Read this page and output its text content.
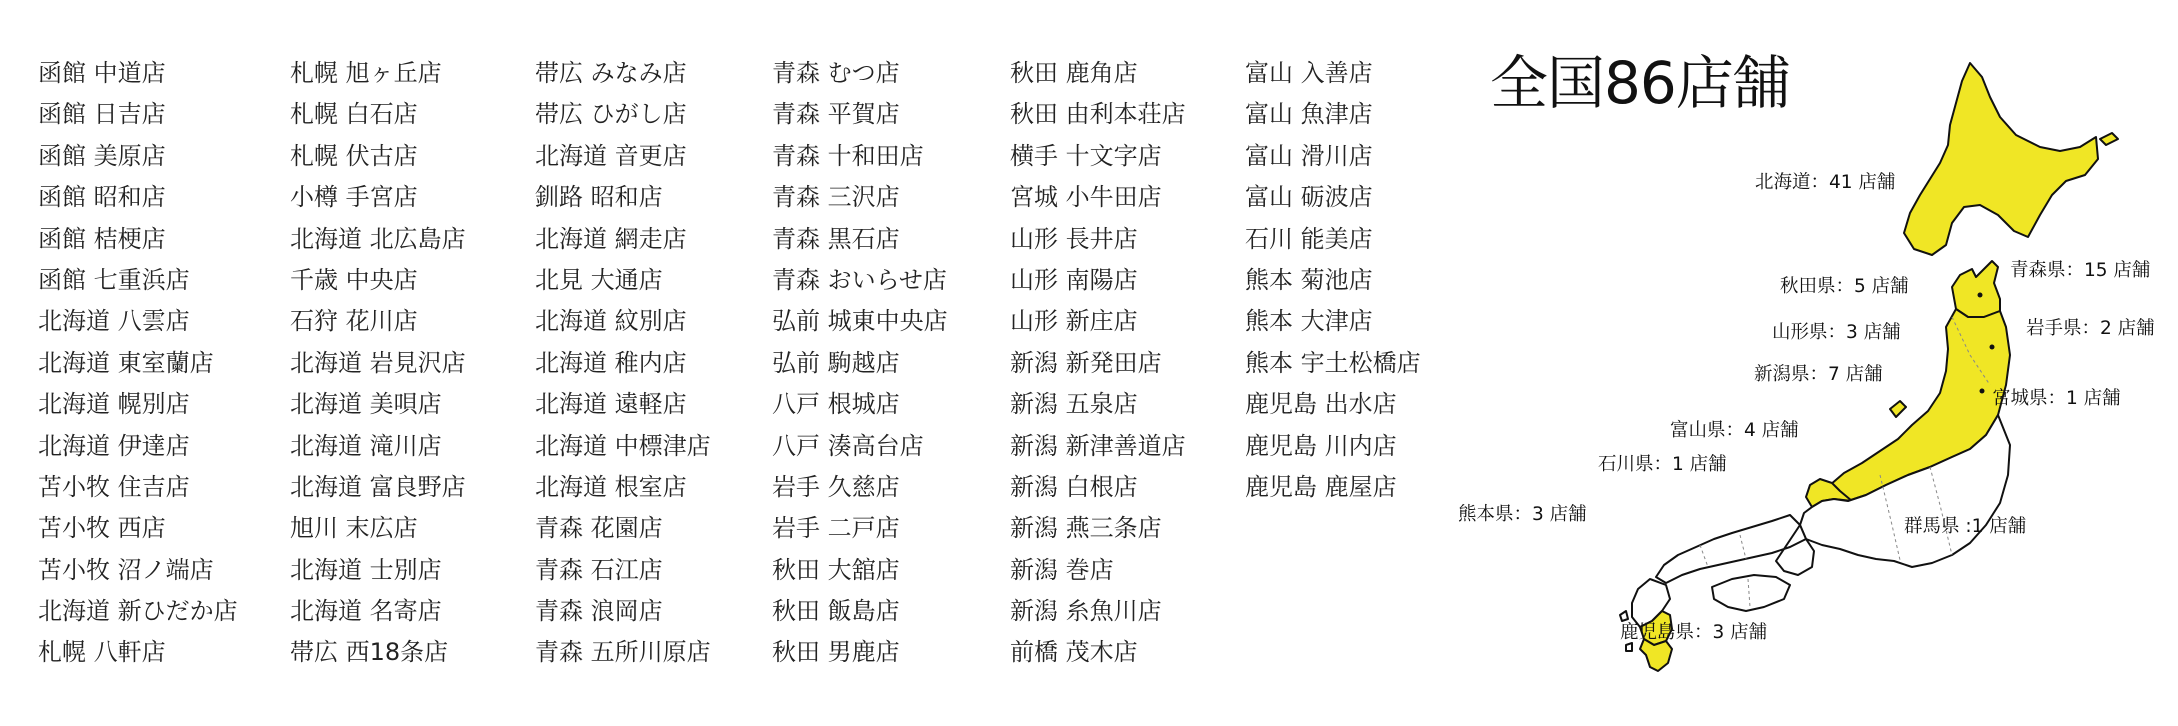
函館 中道店
函館 日吉店
函館 美原店
函館 昭和店
函館 桔梗店
函館 七重浜店
北海道 八雲店
北海道 東室蘭店
北海道 幌別店
北海道 伊達店
苫小牧 住吉店
苫小牧 西店
苫小牧 沼ノ端店
北海道 新ひだか店
札幌 八軒店
札幌 旭ヶ丘店
札幌 白石店
札幌 伏古店
小樽 手宮店
北海道 北広島店
千歳 中央店
石狩 花川店
北海道 岩見沢店
北海道 美唄店
北海道 滝川店
北海道 富良野店
旭川 末広店
北海道 士別店
北海道 名寄店
帯広 西18条店
帯広 みなみ店
帯広 ひがし店
北海道 音更店
釧路 昭和店
北海道 網走店
北見 大通店
北海道 紋別店
北海道 稚内店
北海道 遠軽店
北海道 中標津店
北海道 根室店
青森 花園店
青森 石江店
青森 浪岡店
青森 五所川原店
青森 むつ店
青森 平賀店
青森 十和田店
青森 三沢店
青森 黒石店
青森 おいらせ店
弘前 城東中央店
弘前 駒越店
八戸 根城店
八戸 湊高台店
岩手 久慈店
岩手 二戸店
秋田 大舘店
秋田 飯島店
秋田 男鹿店
秋田 鹿角店
秋田 由利本荘店
横手 十文字店
宮城 小牛田店
山形 長井店
山形 南陽店
山形 新庄店
新潟 新発田店
新潟 五泉店
新潟 新津善道店
新潟 白根店
新潟 燕三条店
新潟 巻店
新潟 糸魚川店
前橋 茂木店
富山 入善店
富山 魚津店
富山 滑川店
富山 砺波店
石川 能美店
熊本 菊池店
熊本 大津店
熊本 宇土松橋店
鹿児島 出水店
鹿児島 川内店
鹿児島 鹿屋店
全国86店舗
北海道：41 店舗
青森県：15 店舗
秋田県：5 店舗
岩手県：2 店舗
山形県：3 店舗
新潟県：7 店舗
宮城県：1 店舗
富山県：4 店舗
石川県：1 店舗
熊本県：3 店舗
群馬県 :1 店舗
鹿児島県：3 店舗
